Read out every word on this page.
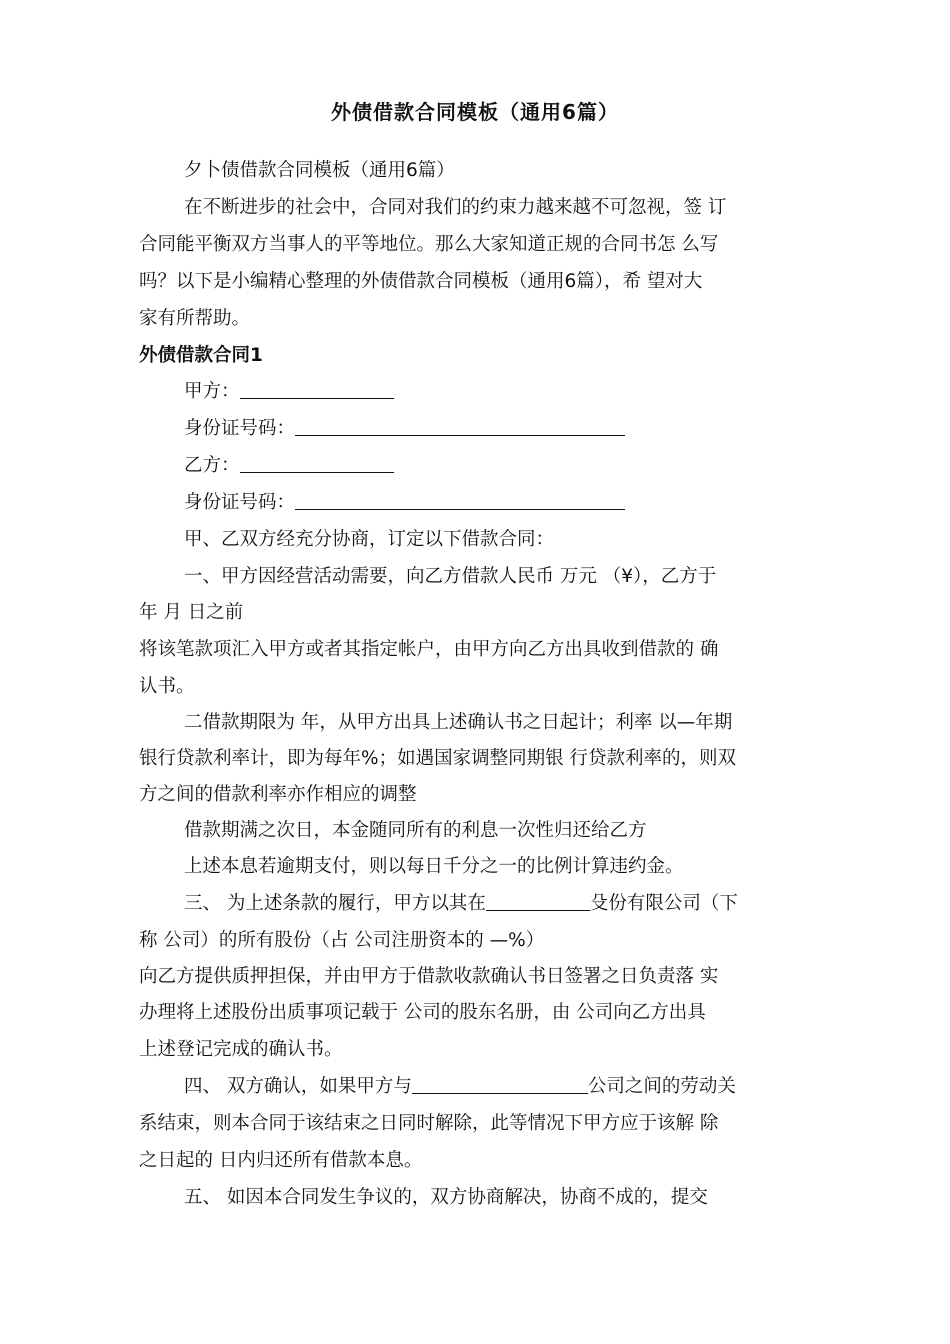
外债借款合同模板（通用6篇）
夕卜债借款合同模板（通用6篇）
在不断进步的社会中，合同对我们的约束力越来越不可忽视，签 订
合同能平衡双方当事人的平等地位。那么大家知道正规的合同书怎 么写
吗？以下是小编精心整理的外债借款合同模板（通用6篇），希 望对大
家有所帮助。
外债借款合同1
甲方：
身份证号码：
乙方：
身份证号码：
甲、乙双方经充分协商，订定以下借款合同：
一、甲方因经营活动需要，向乙方借款人民币 万元 （¥），乙方于
年 月 日之前
将该笔款项汇入甲方或者其指定帐户，由甲方向乙方出具收到借款的 确
认书。
二借款期限为 年，从甲方出具上述确认书之日起计；利率 以—年期
银行贷款利率计，即为每年%；如遇国家调整同期银 行贷款利率的，则双
方之间的借款利率亦作相应的调整
借款期满之次日，本金随同所有的利息一次性归还给乙方
上述本息若逾期支付，则以每日千分之一的比例计算违约金。
三、 为上述条款的履行，甲方以其在	殳份有限公司（下
称 公司）的所有股份（占 公司注册资本的 —%）
向乙方提供质押担保，并由甲方于借款收款确认书日签署之日负责落 实
办理将上述股份出质事项记载于 公司的股东名册，由 公司向乙方出具
上述登记完成的确认书。
四、 双方确认，如果甲方与	公司之间的劳动关
系结束，则本合同于该结束之日同时解除，此等情况下甲方应于该解 除
之日起的 日内归还所有借款本息。
五、 如因本合同发生争议的，双方协商解决，协商不成的，提交
